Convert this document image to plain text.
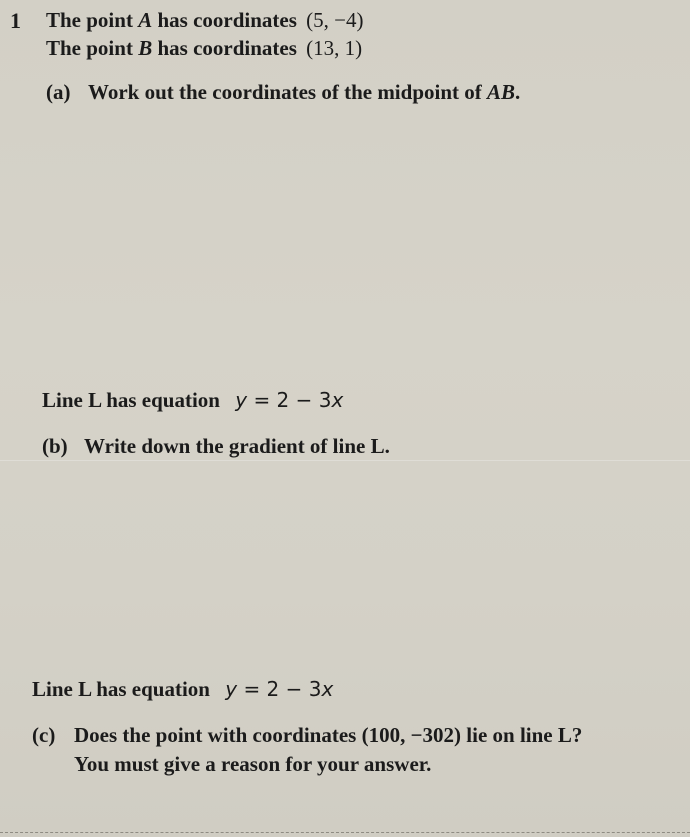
1 The point A has coordinates (5, −4)
The point B has coordinates (13, 1)
(a) Work out the coordinates of the midpoint of AB.
Line L has equation y = 2 − 3x
(b) Write down the gradient of line L.
Line L has equation y = 2 − 3x
(c) Does the point with coordinates (100, −302) lie on line L?
You must give a reason for your answer.
